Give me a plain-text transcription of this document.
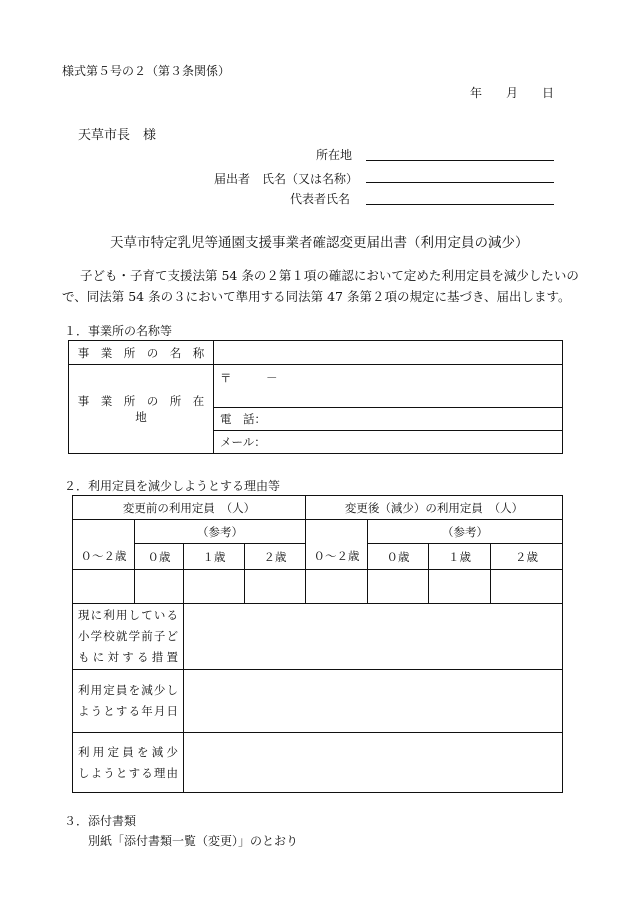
様式第５号の２（第３条関係）
年 月 日
天草市長　様
所在地
届出者 氏名（又は名称）
代表者氏名
天草市特定乳児等通園支援事業者確認変更届出書（利用定員の減少）
子ども・子育て支援法第 54 条の２第１項の確認において定めた利用定員を減少したいの
で、同法第 54 条の３において準用する同法第 47 条第２項の規定に基づき、届出します。
１．事業所の名称等
事　業　所　の　名　称	
事　業　所　の　所　在　地	〒　　　－
	電　話：
	メール：
２．利用定員を減少しようとする理由等
変更前の利用定員　（人）				変更後（減少）の利用定員　（人）			
	（参考）				（参考）		

０～２歳	０歳	１歳	２歳	０～２歳	０歳	１歳	２歳

現に利用している
小学校就学前子ど
もに対する措置							

利用定員を減少し
ようとする年月日							

利用定員を減少
しようとする理由							

３．添付書類
別紙「添付書類一覧（変更）」のとおり
